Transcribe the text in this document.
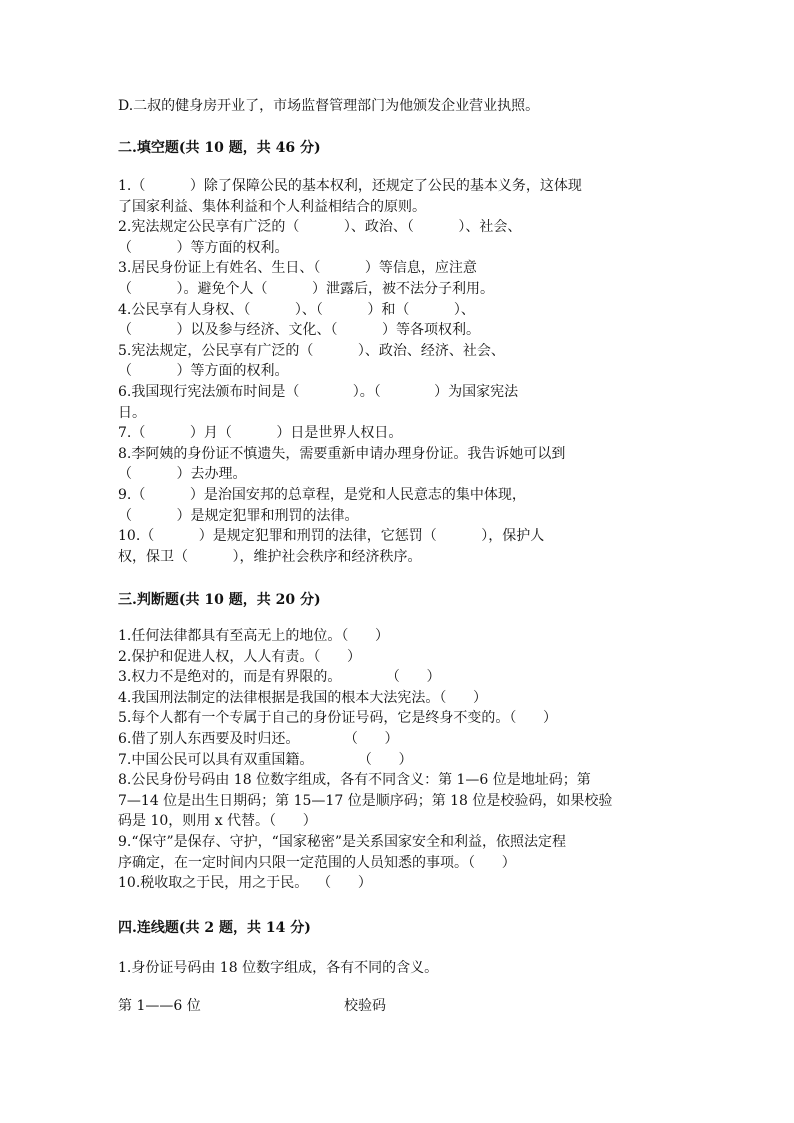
D.二叔的健身房开业了，市场监督管理部门为他颁发企业营业执照。
二.填空题(共 10 题，共 46 分)
1.（          ）除了保障公民的基本权利，还规定了公民的基本义务，这体现
了国家利益、集体利益和个人利益相结合的原则。
2.宪法规定公民享有广泛的（          ）、政治、（          ）、社会、
（          ）等方面的权利。
3.居民身份证上有姓名、生日、（          ）等信息，应注意
（          ）。避免个人（          ）泄露后，被不法分子利用。
4.公民享有人身权、（          ）、（          ）和（          ）、
（          ）以及参与经济、文化、（          ）等各项权利。
5.宪法规定，公民享有广泛的（          ）、政治、经济、社会、
（          ）等方面的权利。
6.我国现行宪法颁布时间是（            ）。（            ）为国家宪法
日。
7.（          ）月（          ）日是世界人权日。
8.李阿姨的身份证不慎遗失，需要重新申请办理身份证。我告诉她可以到
（          ）去办理。
9.（          ）是治国安邦的总章程，是党和人民意志的集中体现，
（          ）是规定犯罪和刑罚的法律。
10.（          ）是规定犯罪和刑罚的法律，它惩罚（          ），保护人
权，保卫（          ），维护社会秩序和经济秩序。
三.判断题(共 10 题，共 20 分)
1.任何法律都具有至高无上的地位。（      ）
2.保护和促进人权，人人有责。（      ）
3.权力不是绝对的，而是有界限的。          （      ）
4.我国刑法制定的法律根据是我国的根本大法宪法。（      ）
5.每个人都有一个专属于自己的身份证号码，它是终身不变的。（      ）
6.借了别人东西要及时归还。          （      ）
7.中国公民可以具有双重国籍。          （      ）
8.公民身份号码由 18 位数字组成，各有不同含义：第 1—6 位是地址码；第
7—14 位是出生日期码；第 15—17 位是顺序码；第 18 位是校验码，如果校验
码是 10，则用 x 代替。（      ）
9.“保守”是保存、守护，“国家秘密”是关系国家安全和利益，依照法定程
序确定，在一定时间内只限一定范围的人员知悉的事项。（      ）
10.税收取之于民，用之于民。  （      ）
四.连线题(共 2 题，共 14 分)
1.身份证号码由 18 位数字组成，各有不同的含义。
第 1——6 位	校验码
